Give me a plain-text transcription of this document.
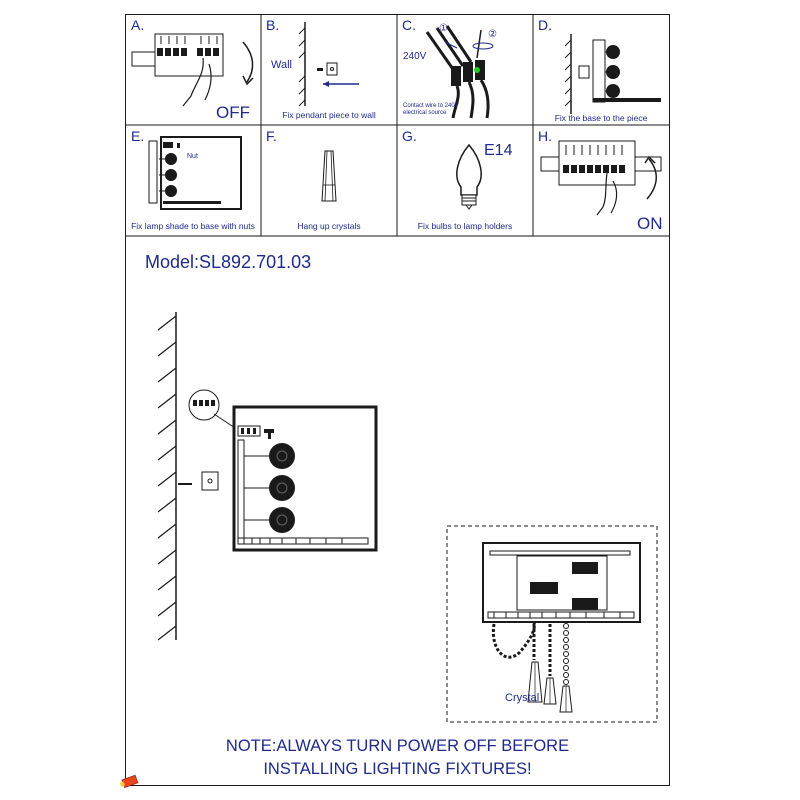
A.
OFF
B.
Wall
Fix pendant piece to wall
C.
240V
①
②
Contact wire to 240V
electrical source
D.
Fix the base to the piece
E.
Nut
Fix lamp shade to base with nuts
F.
Hang up crystals
G.
E14
Fix bulbs to lamp holders
H.
ON
Model:SL892.701.03
Crystal
NOTE:ALWAYS TURN POWER OFF BEFORE
INSTALLING LIGHTING FIXTURES!
